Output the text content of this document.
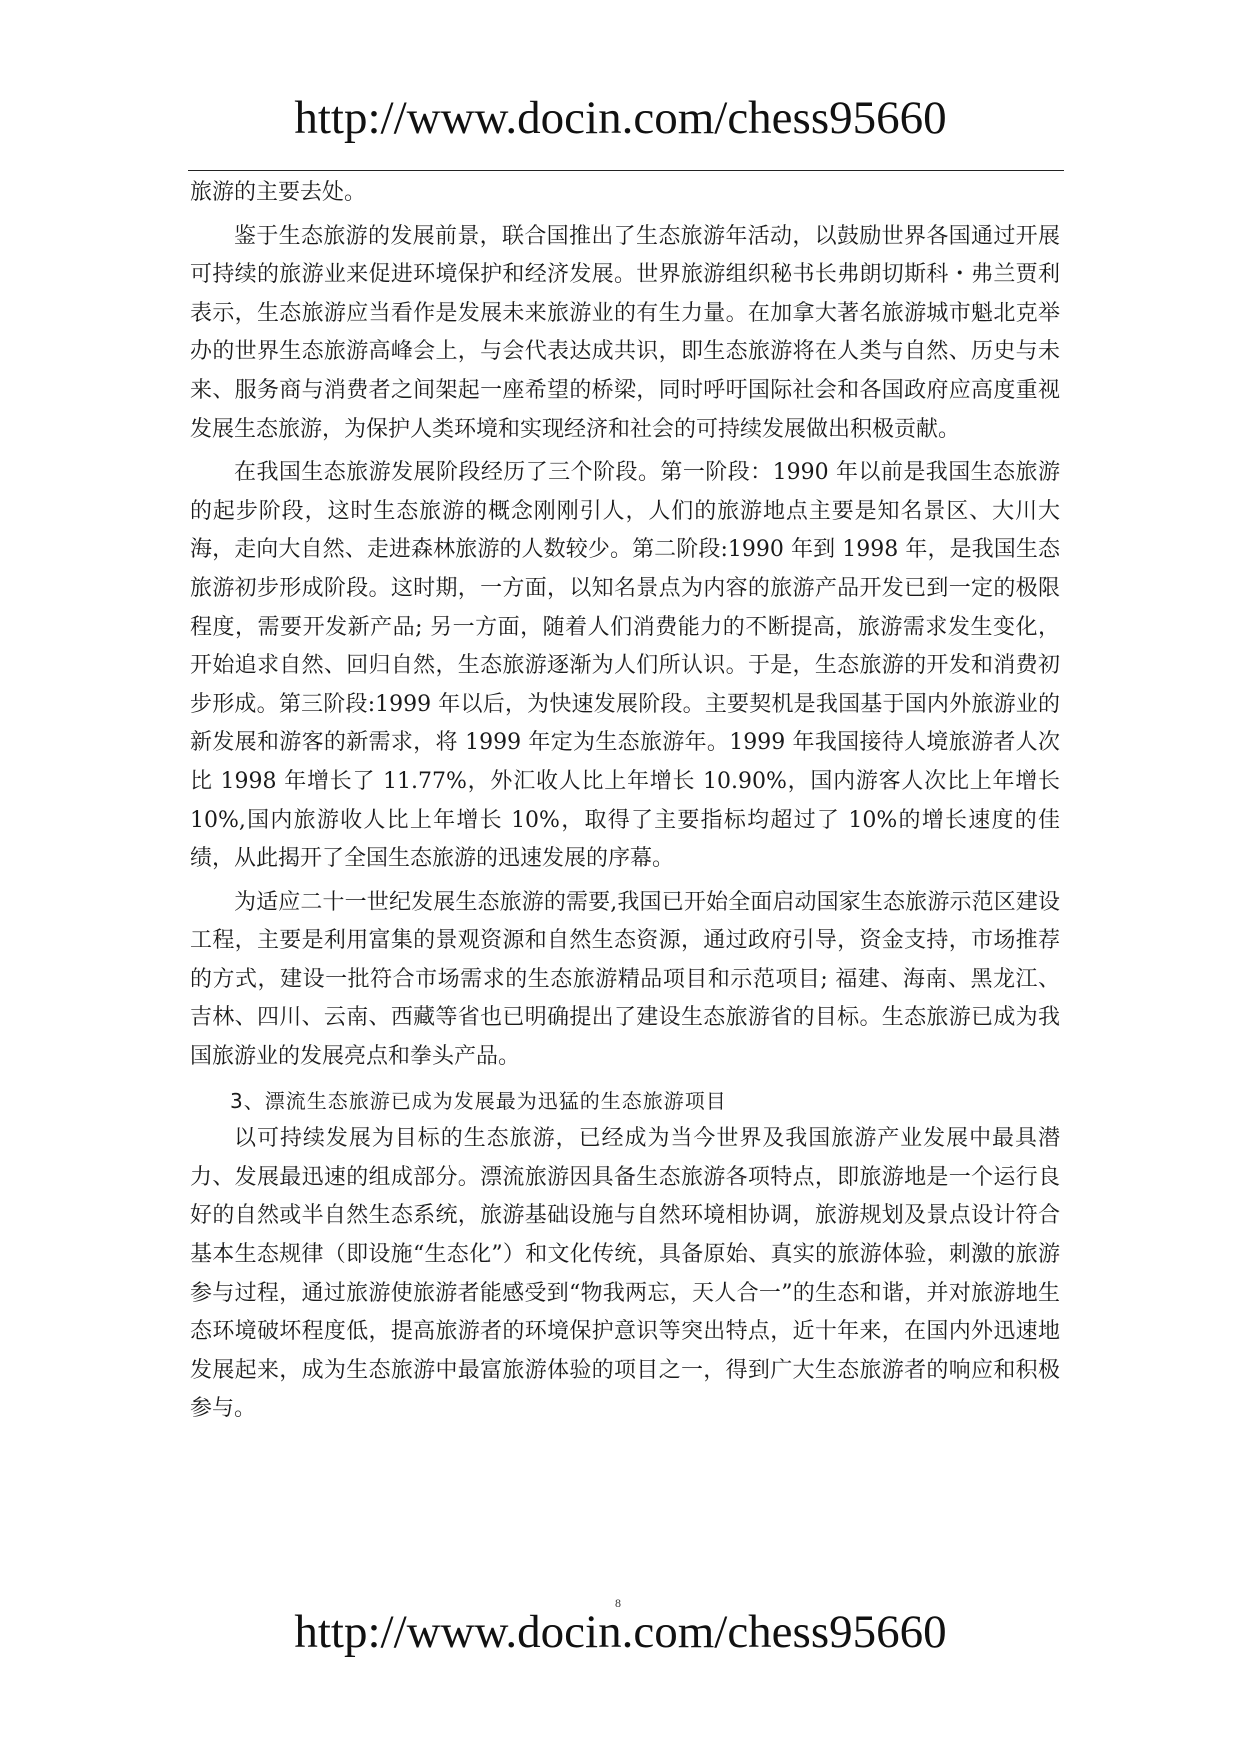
http://www.docin.com/chess95660

旅游的主要去处。

鉴于生态旅游的发展前景，联合国推出了生态旅游年活动，以鼓励世界各国通过开展可持续的旅游业来促进环境保护和经济发展。世界旅游组织秘书长弗朗切斯科・弗兰贾利表示，生态旅游应当看作是发展未来旅游业的有生力量。在加拿大著名旅游城市魁北克举办的世界生态旅游高峰会上，与会代表达成共识，即生态旅游将在人类与自然、历史与未来、服务商与消费者之间架起一座希望的桥梁，同时呼吁国际社会和各国政府应高度重视发展生态旅游，为保护人类环境和实现经济和社会的可持续发展做出积极贡献。

在我国生态旅游发展阶段经历了三个阶段。第一阶段：1990 年以前是我国生态旅游的起步阶段，这时生态旅游的概念刚刚引人，人们的旅游地点主要是知名景区、大川大海，走向大自然、走进森林旅游的人数较少。第二阶段:1990 年到 1998 年，是我国生态旅游初步形成阶段。这时期，一方面，以知名景点为内容的旅游产品开发已到一定的极限程度，需要开发新产品; 另一方面，随着人们消费能力的不断提高，旅游需求发生变化，开始追求自然、回归自然，生态旅游逐渐为人们所认识。于是，生态旅游的开发和消费初步形成。第三阶段:1999 年以后，为快速发展阶段。主要契机是我国基于国内外旅游业的新发展和游客的新需求，将 1999 年定为生态旅游年。1999 年我国接待人境旅游者人次比 1998 年增长了 11.77%，外汇收人比上年增长 10.90%，国内游客人次比上年增长 10%,国内旅游收人比上年增长 10%，取得了主要指标均超过了 10%的增长速度的佳绩，从此揭开了全国生态旅游的迅速发展的序幕。

为适应二十一世纪发展生态旅游的需要,我国已开始全面启动国家生态旅游示范区建设工程，主要是利用富集的景观资源和自然生态资源，通过政府引导，资金支持，市场推荐的方式，建设一批符合市场需求的生态旅游精品项目和示范项目; 福建、海南、黑龙江、吉林、四川、云南、西藏等省也已明确提出了建设生态旅游省的目标。生态旅游已成为我国旅游业的发展亮点和拳头产品。

3、漂流生态旅游已成为发展最为迅猛的生态旅游项目

以可持续发展为目标的生态旅游，已经成为当今世界及我国旅游产业发展中最具潜力、发展最迅速的组成部分。漂流旅游因具备生态旅游各项特点，即旅游地是一个运行良好的自然或半自然生态系统，旅游基础设施与自然环境相协调，旅游规划及景点设计符合基本生态规律（即设施“生态化”）和文化传统，具备原始、真实的旅游体验，刺激的旅游参与过程，通过旅游使旅游者能感受到“物我两忘，天人合一”的生态和谐，并对旅游地生态环境破坏程度低，提高旅游者的环境保护意识等突出特点，近十年来，在国内外迅速地发展起来，成为生态旅游中最富旅游体验的项目之一，得到广大生态旅游者的响应和积极参与。

8
http://www.docin.com/chess95660
